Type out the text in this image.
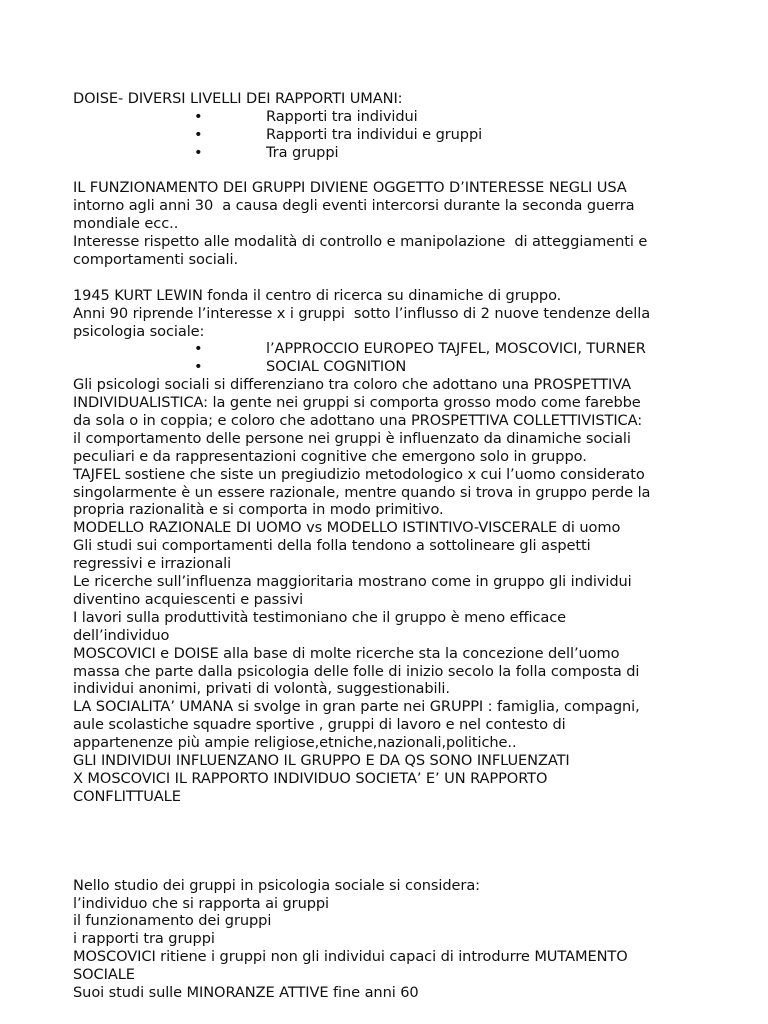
DOISE- DIVERSI LIVELLI DEI RAPPORTI UMANI:
•	Rapporti tra individui
•	Rapporti tra individui e gruppi
•	Tra gruppi
IL FUNZIONAMENTO DEI GRUPPI DIVIENE OGGETTO D’INTERESSE NEGLI USA
intorno agli anni 30  a causa degli eventi intercorsi durante la seconda guerra
mondiale ecc..
Interesse rispetto alle modalità di controllo e manipolazione  di atteggiamenti e
comportamenti sociali.
1945 KURT LEWIN fonda il centro di ricerca su dinamiche di gruppo.
Anni 90 riprende l’interesse x i gruppi  sotto l’influsso di 2 nuove tendenze della
psicologia sociale:
•	l’APPROCCIO EUROPEO TAJFEL, MOSCOVICI, TURNER
•	SOCIAL COGNITION
Gli psicologi sociali si differenziano tra coloro che adottano una PROSPETTIVA
INDIVIDUALISTICA: la gente nei gruppi si comporta grosso modo come farebbe
da sola o in coppia; e coloro che adottano una PROSPETTIVA COLLETTIVISTICA:
il comportamento delle persone nei gruppi è influenzato da dinamiche sociali
peculiari e da rappresentazioni cognitive che emergono solo in gruppo.
TAJFEL sostiene che siste un pregiudizio metodologico x cui l’uomo considerato
singolarmente è un essere razionale, mentre quando si trova in gruppo perde la
propria razionalità e si comporta in modo primitivo.
MODELLO RAZIONALE DI UOMO vs MODELLO ISTINTIVO-VISCERALE di uomo
Gli studi sui comportamenti della folla tendono a sottolineare gli aspetti
regressivi e irrazionali
Le ricerche sull’influenza maggioritaria mostrano come in gruppo gli individui
diventino acquiescenti e passivi
I lavori sulla produttività testimoniano che il gruppo è meno efficace
dell’individuo
MOSCOVICI e DOISE alla base di molte ricerche sta la concezione dell’uomo
massa che parte dalla psicologia delle folle di inizio secolo la folla composta di
individui anonimi, privati di volontà, suggestionabili.
LA SOCIALITA’ UMANA si svolge in gran parte nei GRUPPI : famiglia, compagni,
aule scolastiche squadre sportive , gruppi di lavoro e nel contesto di
appartenenze più ampie religiose,etniche,nazionali,politiche..
GLI INDIVIDUI INFLUENZANO IL GRUPPO E DA QS SONO INFLUENZATI
X MOSCOVICI IL RAPPORTO INDIVIDUO SOCIETA’ E’ UN RAPPORTO
CONFLITTUALE
Nello studio dei gruppi in psicologia sociale si considera:
l’individuo che si rapporta ai gruppi
il funzionamento dei gruppi
i rapporti tra gruppi
MOSCOVICI ritiene i gruppi non gli individui capaci di introdurre MUTAMENTO
SOCIALE
Suoi studi sulle MINORANZE ATTIVE fine anni 60
